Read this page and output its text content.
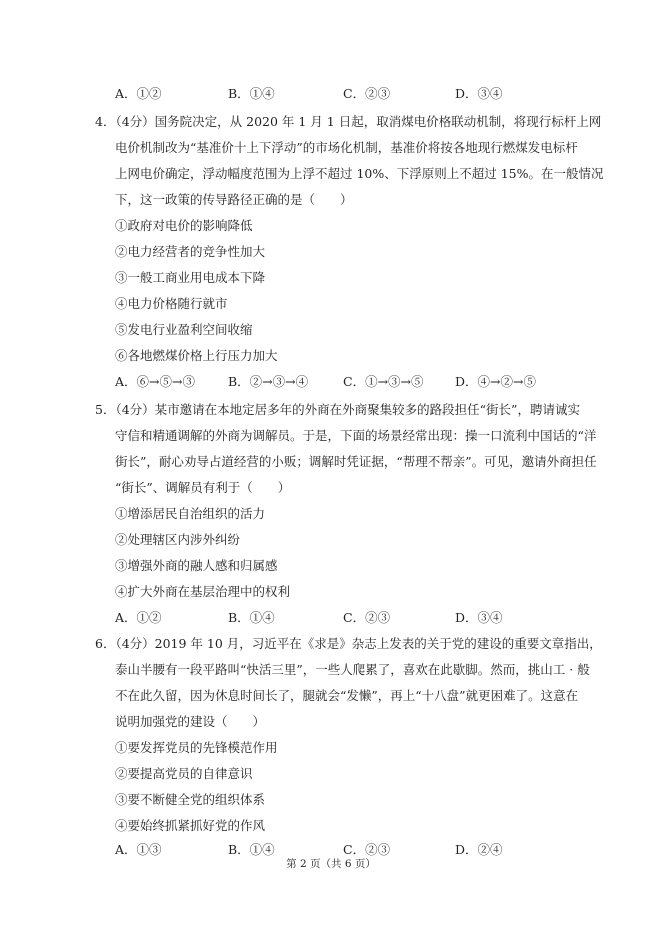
A．①②	B．①④	C．②③	D．③④
4．（4分）国务院决定，从 2020 年 1 月 1 日起，取消煤电价格联动机制，将现行标杆上网
电价机制改为“基准价十上下浮动”的市场化机制，基准价将按各地现行燃煤发电标杆
上网电价确定，浮动幅度范围为上浮不超过 10%、下浮原则上不超过 15%。在一般情况
下，这一政策的传导路径正确的是（　　）
①政府对电价的影响降低
②电力经营者的竞争性加大
③一般工商业用电成本下降
④电力价格随行就市
⑤发电行业盈利空间收缩
⑥各地燃煤价格上行压力加大
A．⑥→⑤→③	B．②→③→④	C．①→③→⑤	D．④→②→⑤
5．（4分）某市邀请在本地定居多年的外商在外商聚集较多的路段担任“街长”，聘请诚实
守信和精通调解的外商为调解员。于是，下面的场景经常出现：操一口流利中国话的“洋
街长”，耐心劝导占道经营的小贩；调解时凭证据，“帮理不帮亲”。可见，邀请外商担任
“街长”、调解员有利于（　　）
①增添居民自治组织的活力
②处理辖区内涉外纠纷
③增强外商的融人感和归属感
④扩大外商在基层治理中的权利
A．①②	B．①④	C．②③	D．③④
6．（4分）2019 年 10 月，习近平在《求是》杂志上发表的关于党的建设的重要文章指出，
泰山半腰有一段平路叫“快活三里”，一些人爬累了，喜欢在此歇脚。然而，挑山工 · 般
不在此久留，因为休息时间长了，腿就会“发懒”，再上“十八盘”就更困难了。这意在
说明加强党的建设（　　）
①要发挥党员的先锋模范作用
②要提高党员的自律意识
③要不断健全党的组织体系
④要始终抓紧抓好党的作风
A．①③	B．①④	C．②③	D．②④
第 2 页（共 6 页）
